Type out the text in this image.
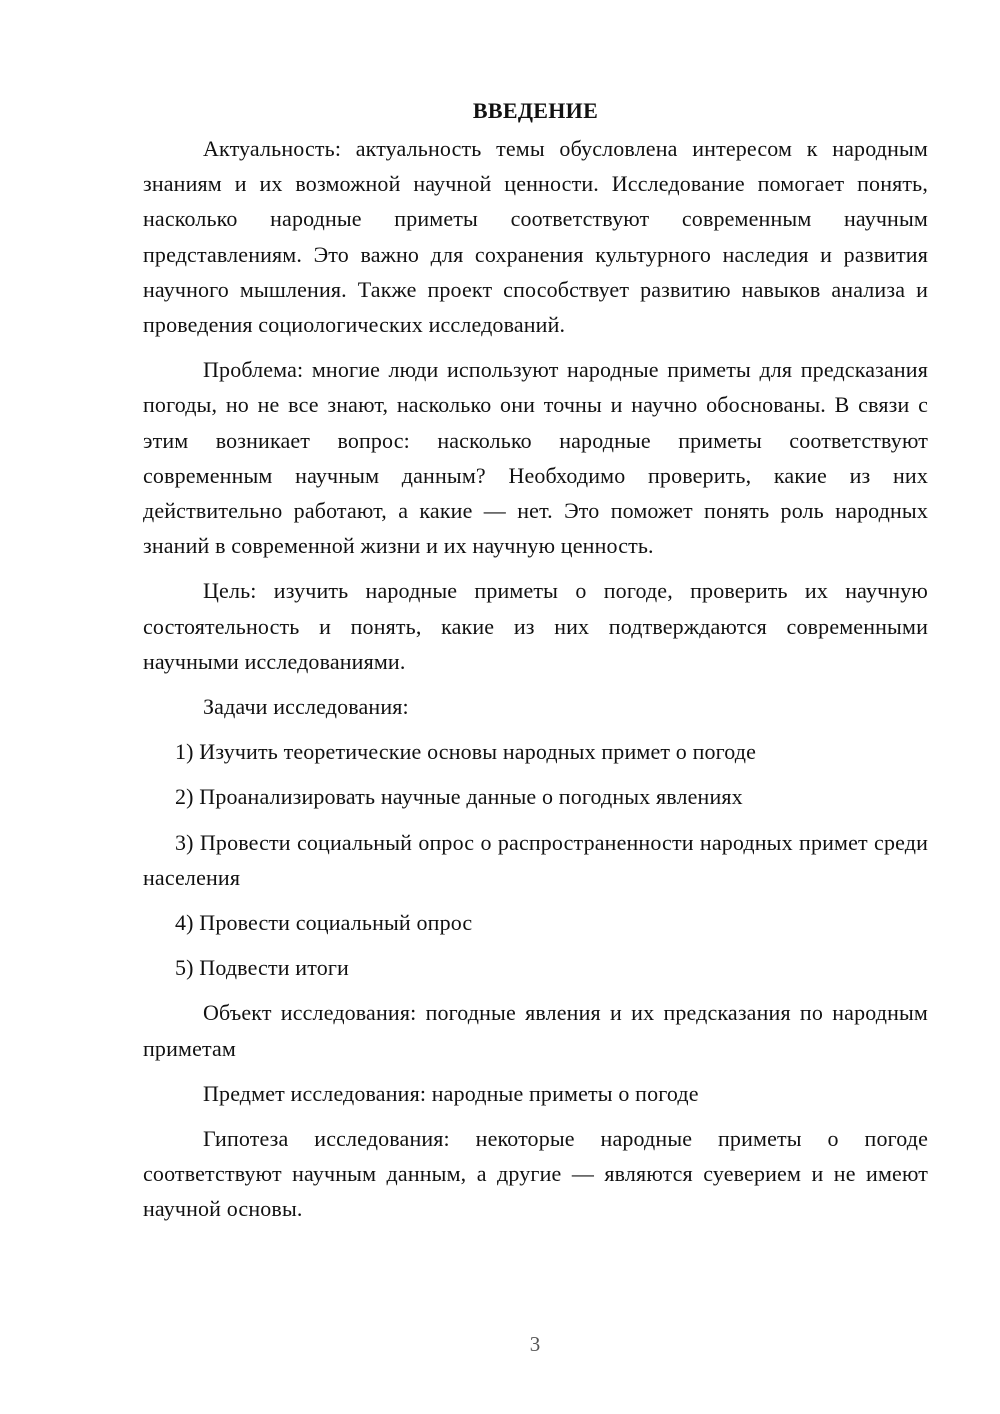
ВВЕДЕНИЕ

Актуальность: актуальность темы обусловлена интересом к народным знаниям и их возможной научной ценности. Исследование помогает понять, насколько народные приметы соответствуют современным научным представлениям. Это важно для сохранения культурного наследия и развития научного мышления. Также проект способствует развитию навыков анализа и проведения социологических исследований.

Проблема: многие люди используют народные приметы для предсказания погоды, но не все знают, насколько они точны и научно обоснованы. В связи с этим возникает вопрос: насколько народные приметы соответствуют современным научным данным? Необходимо проверить, какие из них действительно работают, а какие — нет. Это поможет понять роль народных знаний в современной жизни и их научную ценность.

Цель: изучить народные приметы о погоде, проверить их научную состоятельность и понять, какие из них подтверждаются современными научными исследованиями.

Задачи исследования:

1) Изучить теоретические основы народных примет о погоде

2) Проанализировать научные данные о погодных явлениях

3) Провести социальный опрос о распространенности народных примет среди населения

4) Провести социальный опрос

5) Подвести итоги

Объект исследования: погодные явления и их предсказания по народным приметам

Предмет исследования: народные приметы о погоде

Гипотеза исследования: некоторые народные приметы о погоде соответствуют научным данным, а другие — являются суеверием и не имеют научной основы.

3
